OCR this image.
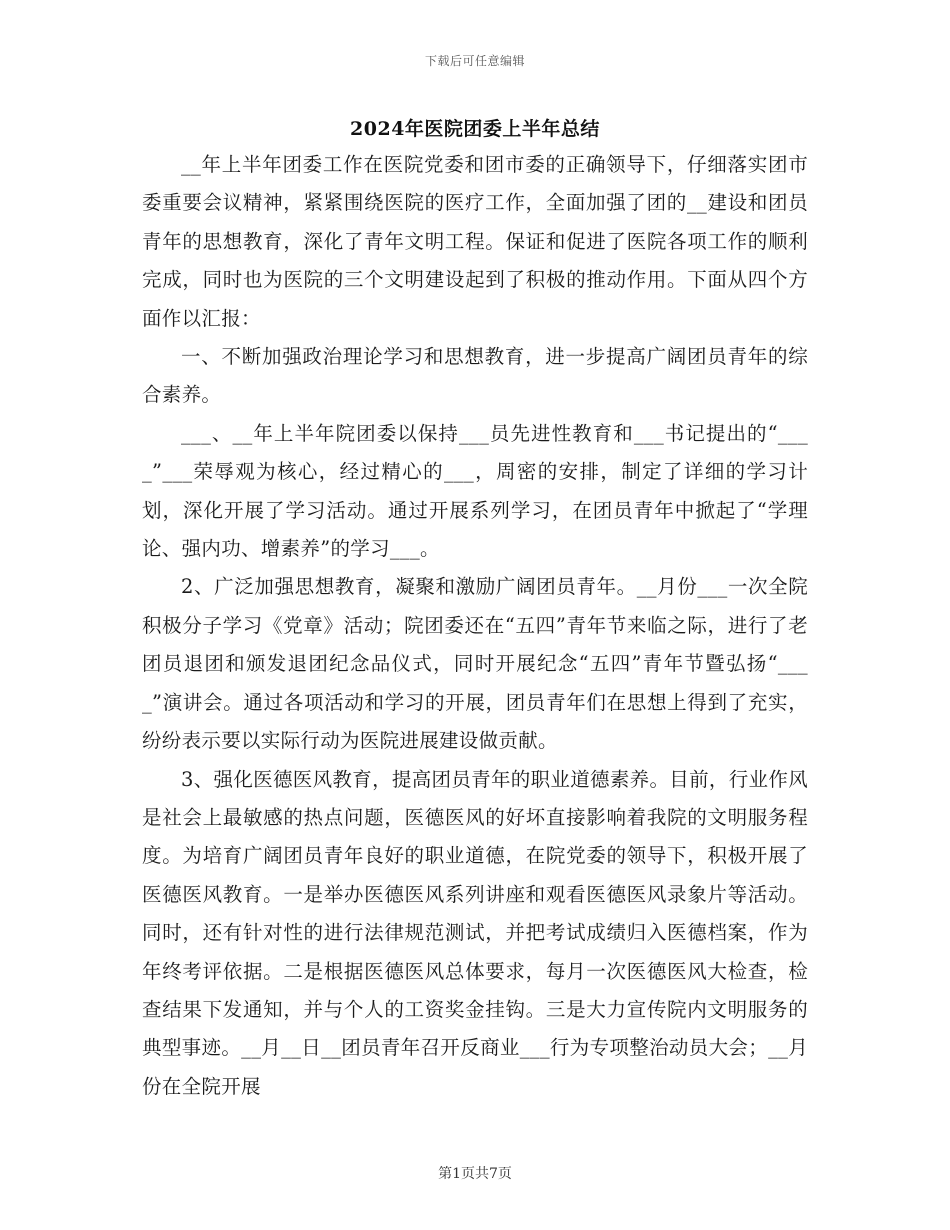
下载后可任意编辑
2024年医院团委上半年总结

__年上半年团委工作在医院党委和团市委的正确领导下，仔细落实团市委重要会议精神，紧紧围绕医院的医疗工作，全面加强了团的__建设和团员青年的思想教育，深化了青年文明工程。保证和促进了医院各项工作的顺利完成，同时也为医院的三个文明建设起到了积极的推动作用。下面从四个方面作以汇报：

一、不断加强政治理论学习和思想教育，进一步提高广阔团员青年的综合素养。

___、__年上半年院团委以保持___员先进性教育和___书记提出的“____”___荣辱观为核心，经过精心的___，周密的安排，制定了详细的学习计划，深化开展了学习活动。通过开展系列学习，在团员青年中掀起了“学理论、强内功、增素养”的学习___。

2、广泛加强思想教育，凝聚和激励广阔团员青年。__月份___一次全院积极分子学习《党章》活动；院团委还在“五四”青年节来临之际，进行了老团员退团和颁发退团纪念品仪式，同时开展纪念“五四”青年节暨弘扬“____”演讲会。通过各项活动和学习的开展，团员青年们在思想上得到了充实，纷纷表示要以实际行动为医院进展建设做贡献。

3、强化医德医风教育，提高团员青年的职业道德素养。目前，行业作风是社会上最敏感的热点问题，医德医风的好坏直接影响着我院的文明服务程度。为培育广阔团员青年良好的职业道德，在院党委的领导下，积极开展了医德医风教育。一是举办医德医风系列讲座和观看医德医风录象片等活动。同时，还有针对性的进行法律规范测试，并把考试成绩归入医德档案，作为年终考评依据。二是根据医德医风总体要求，每月一次医德医风大检查，检查结果下发通知，并与个人的工资奖金挂钩。三是大力宣传院内文明服务的典型事迹。__月__日__团员青年召开反商业___行为专项整治动员大会；__月份在全院开展

第1页共7页
